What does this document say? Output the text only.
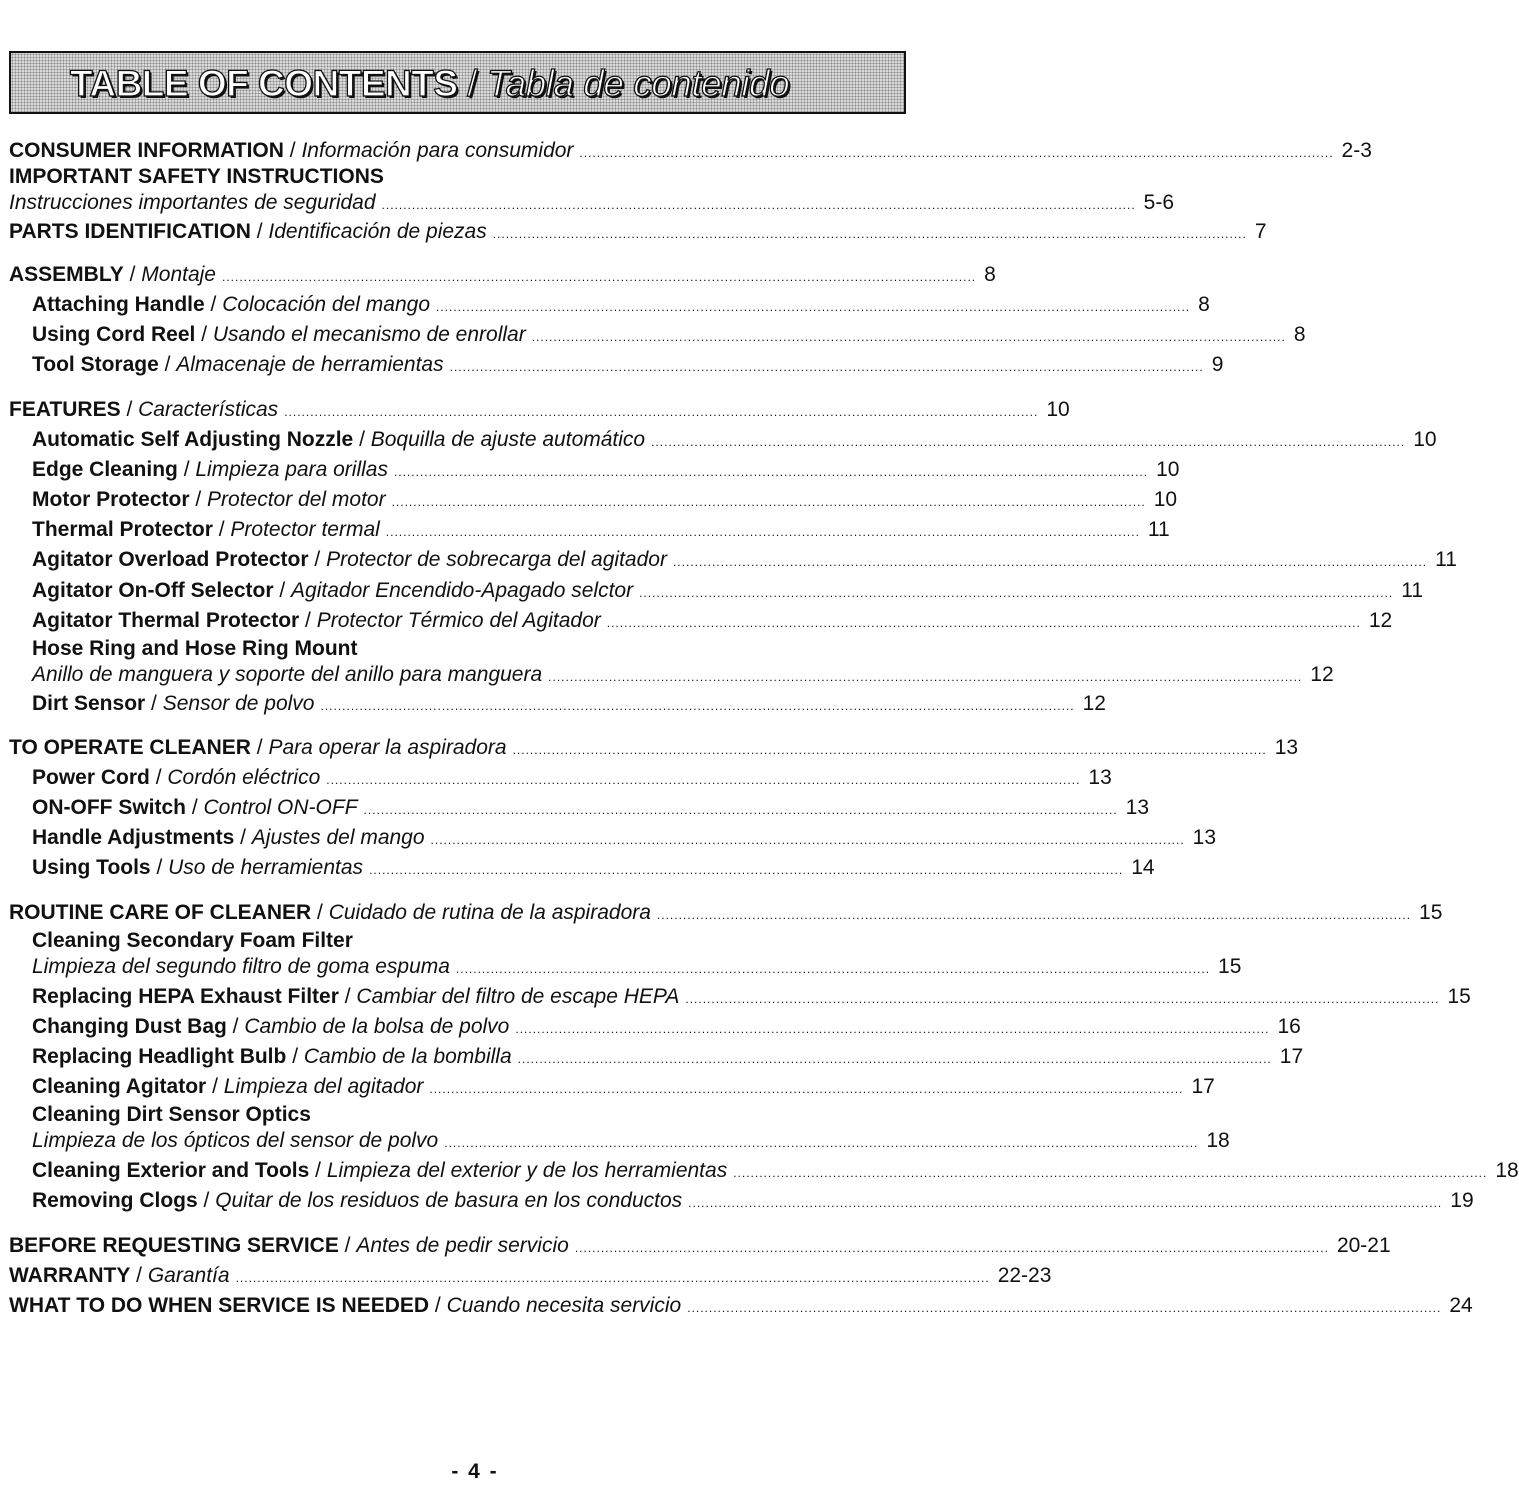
TABLE OF CONTENTS / Tabla de contenido
CONSUMER INFORMATION / Información para consumidor .............................................................................................................................................................................. 2-3
IMPORTANT SAFETY INSTRUCTIONS
Instrucciones importantes de seguridad .............................................................................................................................................................................. 5-6
PARTS IDENTIFICATION / Identificación de piezas .............................................................................................................................................................................. 7
ASSEMBLY / Montaje .............................................................................................................................................................................. 8
Attaching Handle / Colocación del mango .............................................................................................................................................................................. 8
Using Cord Reel / Usando el mecanismo de enrollar .............................................................................................................................................................................. 8
Tool Storage / Almacenaje de herramientas .............................................................................................................................................................................. 9
FEATURES / Características .............................................................................................................................................................................. 10
Automatic Self Adjusting Nozzle / Boquilla de ajuste automático .............................................................................................................................................................................. 10
Edge Cleaning / Limpieza para orillas .............................................................................................................................................................................. 10
Motor Protector / Protector del motor .............................................................................................................................................................................. 10
Thermal Protector / Protector termal .............................................................................................................................................................................. 11
Agitator Overload Protector / Protector de sobrecarga del agitador .............................................................................................................................................................................. 11
Agitator On-Off Selector / Agitador Encendido-Apagado selctor .............................................................................................................................................................................. 11
Agitator Thermal Protector / Protector Térmico del Agitador .............................................................................................................................................................................. 12
Hose Ring and Hose Ring Mount
Anillo de manguera y soporte del anillo para manguera .............................................................................................................................................................................. 12
Dirt Sensor / Sensor de polvo .............................................................................................................................................................................. 12
TO OPERATE CLEANER / Para operar la aspiradora .............................................................................................................................................................................. 13
Power Cord / Cordón eléctrico .............................................................................................................................................................................. 13
ON-OFF Switch / Control ON-OFF .............................................................................................................................................................................. 13
Handle Adjustments / Ajustes del mango .............................................................................................................................................................................. 13
Using Tools / Uso de herramientas .............................................................................................................................................................................. 14
ROUTINE CARE OF CLEANER / Cuidado de rutina de la aspiradora .............................................................................................................................................................................. 15
Cleaning Secondary Foam Filter
Limpieza del segundo filtro de goma espuma .............................................................................................................................................................................. 15
Replacing HEPA Exhaust Filter / Cambiar del filtro de escape HEPA .............................................................................................................................................................................. 15
Changing Dust Bag / Cambio de la bolsa de polvo .............................................................................................................................................................................. 16
Replacing Headlight Bulb / Cambio de la bombilla .............................................................................................................................................................................. 17
Cleaning Agitator / Limpieza del agitador .............................................................................................................................................................................. 17
Cleaning Dirt Sensor Optics
Limpieza de los ópticos del sensor de polvo .............................................................................................................................................................................. 18
Cleaning Exterior and Tools / Limpieza del exterior y de los herramientas .............................................................................................................................................................................. 18
Removing Clogs / Quitar de los residuos de basura en los conductos .............................................................................................................................................................................. 19
BEFORE REQUESTING SERVICE / Antes de pedir servicio .............................................................................................................................................................................. 20-21
WARRANTY / Garantía .............................................................................................................................................................................. 22-23
WHAT TO DO WHEN SERVICE IS NEEDED / Cuando necesita servicio .............................................................................................................................................................................. 24
- 4 -
